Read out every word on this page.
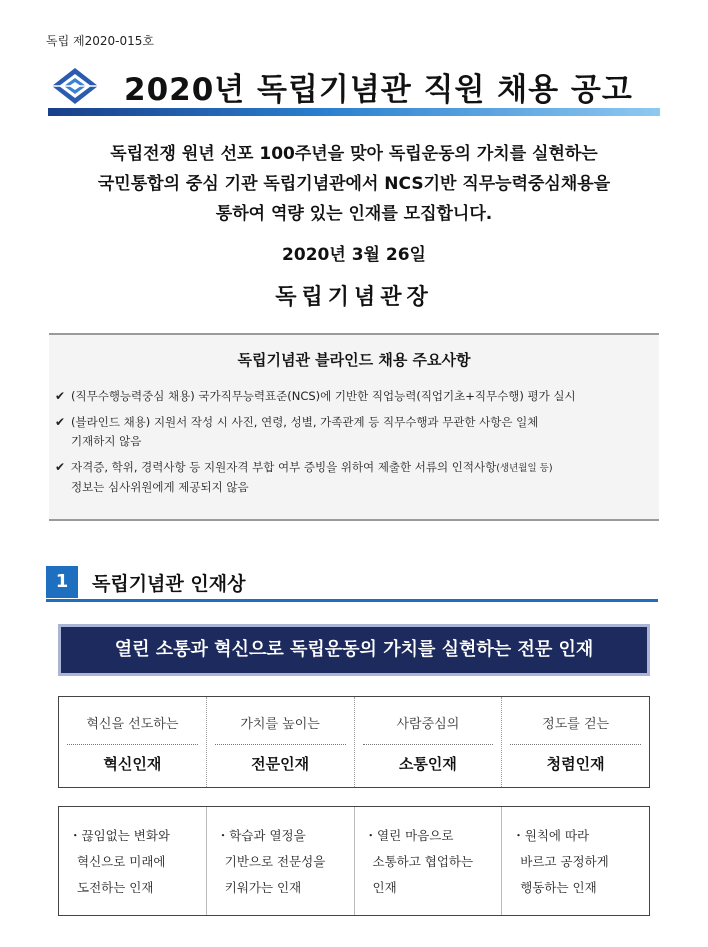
독립 제2020-015호
2020년 독립기념관 직원 채용 공고
독립전쟁 원년 선포 100주년을 맞아 독립운동의 가치를 실현하는
국민통합의 중심 기관 독립기념관에서 NCS기반 직무능력중심채용을
통하여 역량 있는 인재를 모집합니다.
2020년 3월 26일
독립기념관장
독립기념관 블라인드 채용 주요사항
✔ (직무수행능력중심 채용) 국가직무능력표준(NCS)에 기반한 직업능력(직업기초+직무수행) 평가 실시
✔ (블라인드 채용) 지원서 작성 시 사진, 연령, 성별, 가족관계 등 직무수행과 무관한 사항은 일체
기재하지 않음
✔ 자격증, 학위, 경력사항 등 지원자격 부합 여부 증빙을 위하여 제출한 서류의 인적사항(생년월일 등)
정보는 심사위원에게 제공되지 않음
1	독립기념관 인재상
열린 소통과 혁신으로 독립운동의 가치를 실현하는 전문 인재
혁신을 선도하는
혁신인재
가치를 높이는
전문인재
사람중심의
소통인재
정도를 걷는
청렴인재
・끊임없는 변화와
혁신으로 미래에
도전하는 인재
・학습과 열정을
기반으로 전문성을
키워가는 인재
・열린 마음으로
소통하고 협업하는
인재
・원칙에 따라
바르고 공정하게
행동하는 인재
